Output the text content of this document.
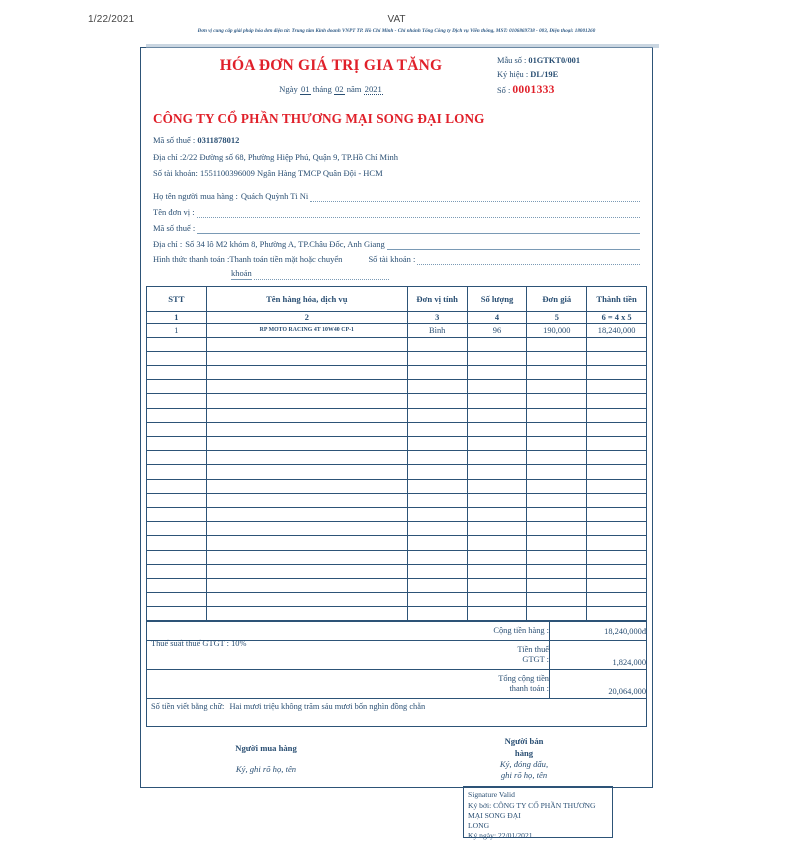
1/22/2021	VAT
Đơn vị cung cấp giải pháp hóa đơn điện tử: Trung tâm Kinh doanh VNPT TP. Hồ Chí Minh - Chi nhánh Tổng Công ty Dịch vụ Viễn thông, MST: 0106869738 - 003, Điện thoại: 18001260
HÓA ĐƠN GIÁ TRỊ GIA TĂNG
Ngày 01 tháng 02 năm 2021
Mẫu số : 01GTKT0/001
Ký hiệu : DL/19E
Số : 0001333
CÔNG TY CỔ PHẦN THƯƠNG MẠI SONG ĐẠI LONG
Mã số thuế : 0311878012
Địa chỉ :2/22 Đường số 68, Phường Hiệp Phú, Quận 9, TP.Hồ Chí Minh
Số tài khoản: 1551100396009 Ngân Hàng TMCP Quân Đội - HCM
Họ tên người mua hàng : Quách Quỳnh Ti Ni
Tên đơn vị :
Mã số thuế :
Địa chỉ : Số 34 lô M2 khóm 8, Phường A, TP.Châu Đốc, Anh Giang
Hình thức thanh toán : Thanh toán tiền mặt hoặc chuyển	Số tài khoản :
khoản
STT	Tên hàng hóa, dịch vụ	Đơn vị tính	Số lượng	Đơn giá	Thành tiền
1	2	3	4	5	6 = 4 x 5
1	RP MOTO RACING 4T 10W40 CP-1	Bình	96	190,000	18,240,000

Cộng tiền hàng :	18,240,000đ

Thuế suất thuế GTGT : 10%
Tiền thuế
GTGT :	1,824,000
Tổng cộng tiền
thanh toán :	20,064,000
Số tiền viết bằng chữ: Hai mươi triệu không trăm sáu mươi bốn nghìn đồng chẵn
Người mua hàng
Ký, ghi rõ họ, tên
Người bán
hàng
Ký, đóng dấu,
ghi rõ họ, tên
Signature Valid
Ký bởi: CÔNG TY CỔ PHẦN THƯƠNG
MẠI SONG ĐẠI
LONG
Ký ngày: 22/01/2021
